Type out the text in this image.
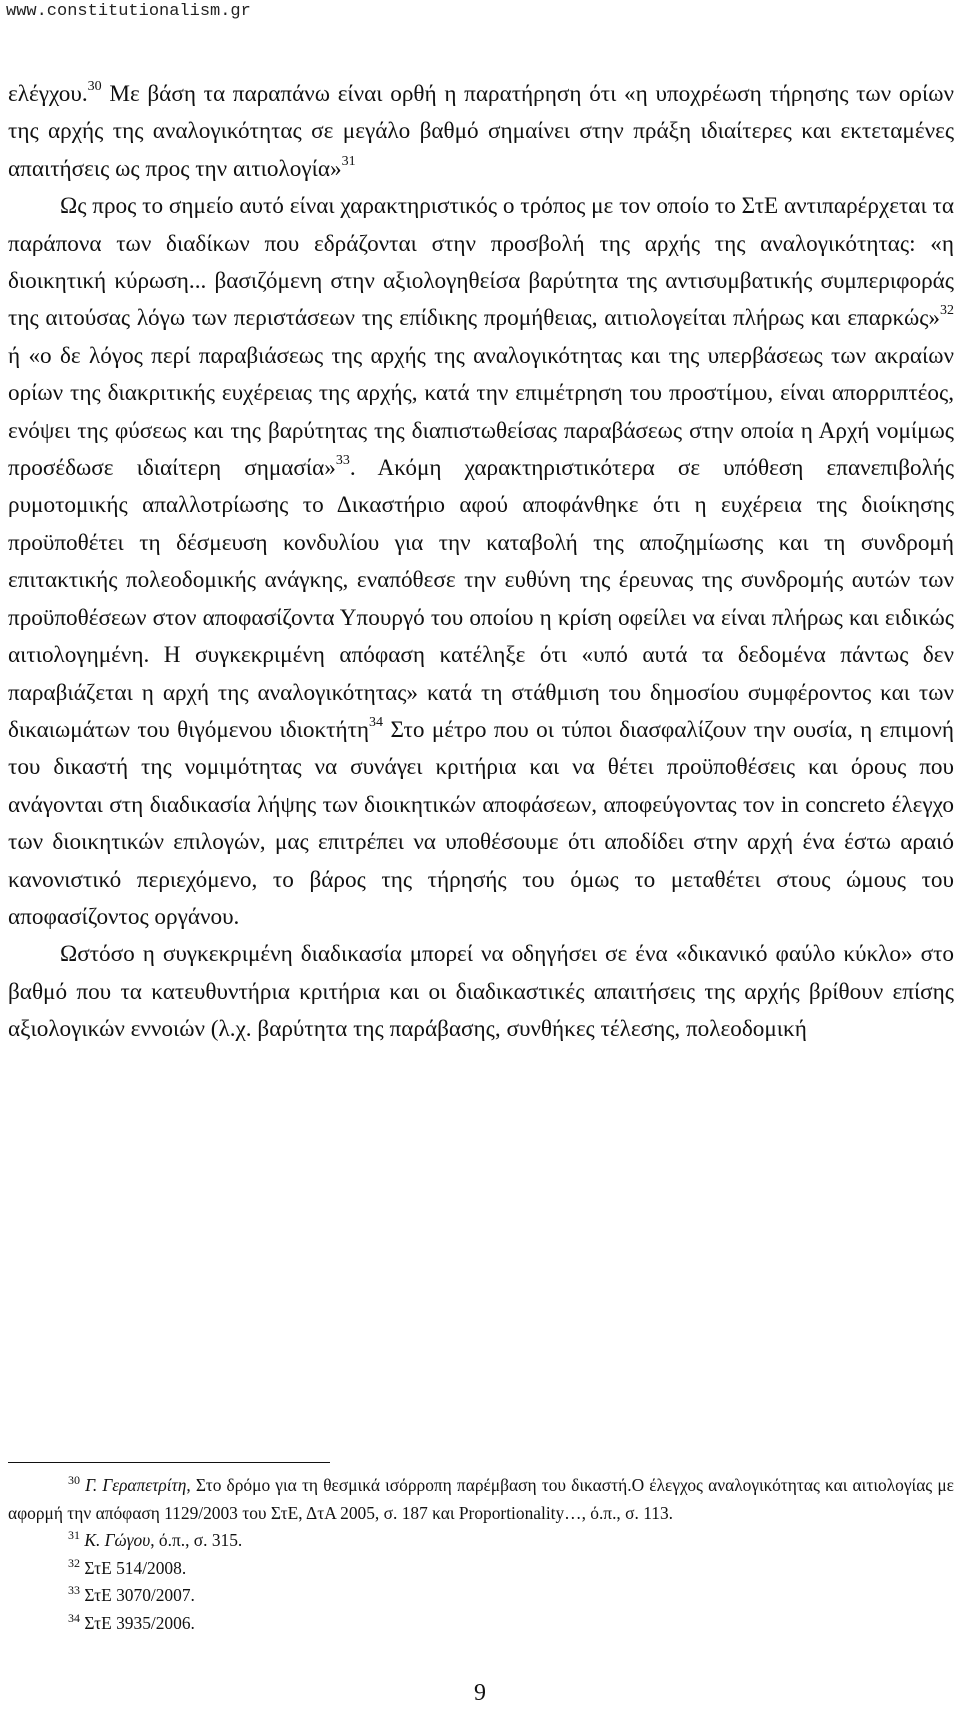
www.constitutionalism.gr

ελέγχου.$^{30}$ Με βάση τα παραπάνω είναι ορθή η παρατήρηση ότι «η υποχρέωση τήρησης των ορίων της αρχής της αναλογικότητας σε μεγάλο βαθμό σημαίνει στην πράξη ιδιαίτερες και εκτεταμένες απαιτήσεις ως προς την αιτιολογία»$^{31}$

Ως προς το σημείο αυτό είναι χαρακτηριστικός ο τρόπος με τον οποίο το ΣτΕ αντιπαρέρχεται τα παράπονα των διαδίκων που εδράζονται στην προσβολή της αρχής της αναλογικότητας: «η διοικητική κύρωση... βασιζόμενη στην αξιολογηθείσα βαρύτητα της αντισυμβατικής συμπεριφοράς της αιτούσας λόγω των περιστάσεων της επίδικης προμήθειας, αιτιολογείται πλήρως και επαρκώς»$^{32}$ ή «ο δε λόγος περί παραβιάσεως της αρχής της αναλογικότητας και της υπερβάσεως των ακραίων ορίων της διακριτικής ευχέρειας της αρχής, κατά την επιμέτρηση του προστίμου, είναι απορριπτέος, ενόψει της φύσεως και της βαρύτητας της διαπιστωθείσας παραβάσεως στην οποία η Αρχή νομίμως προσέδωσε ιδιαίτερη σημασία»$^{33}$. Ακόμη χαρακτηριστικότερα σε υπόθεση επανεπιβολής ρυμοτομικής απαλλοτρίωσης το Δικαστήριο αφού αποφάνθηκε ότι η ευχέρεια της διοίκησης προϋποθέτει τη δέσμευση κονδυλίου για την καταβολή της αποζημίωσης και τη συνδρομή επιτακτικής πολεοδομικής ανάγκης, εναπόθεσε την ευθύνη της έρευνας της συνδρομής αυτών των προϋποθέσεων στον αποφασίζοντα Υπουργό του οποίου η κρίση οφείλει να είναι πλήρως και ειδικώς αιτιολογημένη. Η συγκεκριμένη απόφαση κατέληξε ότι «υπό αυτά τα δεδομένα πάντως δεν παραβιάζεται η αρχή της αναλογικότητας» κατά τη στάθμιση του δημοσίου συμφέροντος και των δικαιωμάτων του θιγόμενου ιδιοκτήτη$^{34}$ Στο μέτρο που οι τύποι διασφαλίζουν την ουσία, η επιμονή του δικαστή της νομιμότητας να συνάγει κριτήρια και να θέτει προϋποθέσεις και όρους που ανάγονται στη διαδικασία λήψης των διοικητικών αποφάσεων, αποφεύγοντας τον in concreto έλεγχο των διοικητικών επιλογών, μας επιτρέπει να υποθέσουμε ότι αποδίδει στην αρχή ένα έστω αραιό κανονιστικό περιεχόμενο, το βάρος της τήρησής του όμως το μεταθέτει στους ώμους του αποφασίζοντος οργάνου.

Ωστόσο η συγκεκριμένη διαδικασία μπορεί να οδηγήσει σε ένα «δικανικό φαύλο κύκλο» στο βαθμό που τα κατευθυντήρια κριτήρια και οι διαδικαστικές απαιτήσεις της αρχής βρίθουν επίσης αξιολογικών εννοιών (λ.χ. βαρύτητα της παράβασης, συνθήκες τέλεσης, πολεοδομική

$^{30}$ Γ. Γεραπετρίτη, Στο δρόμο για τη θεσμικά ισόρροπη παρέμβαση του δικαστή.Ο έλεγχος αναλογικότητας και αιτιολογίας με αφορμή την απόφαση 1129/2003 του ΣτΕ, ΔτΑ 2005, σ. 187 και Proportionality…, ό.π., σ. 113.

$^{31}$ Κ. Γώγου, ό.π., σ. 315.

$^{32}$ ΣτΕ 514/2008.

$^{33}$ ΣτΕ 3070/2007.

$^{34}$ ΣτΕ 3935/2006.

9
